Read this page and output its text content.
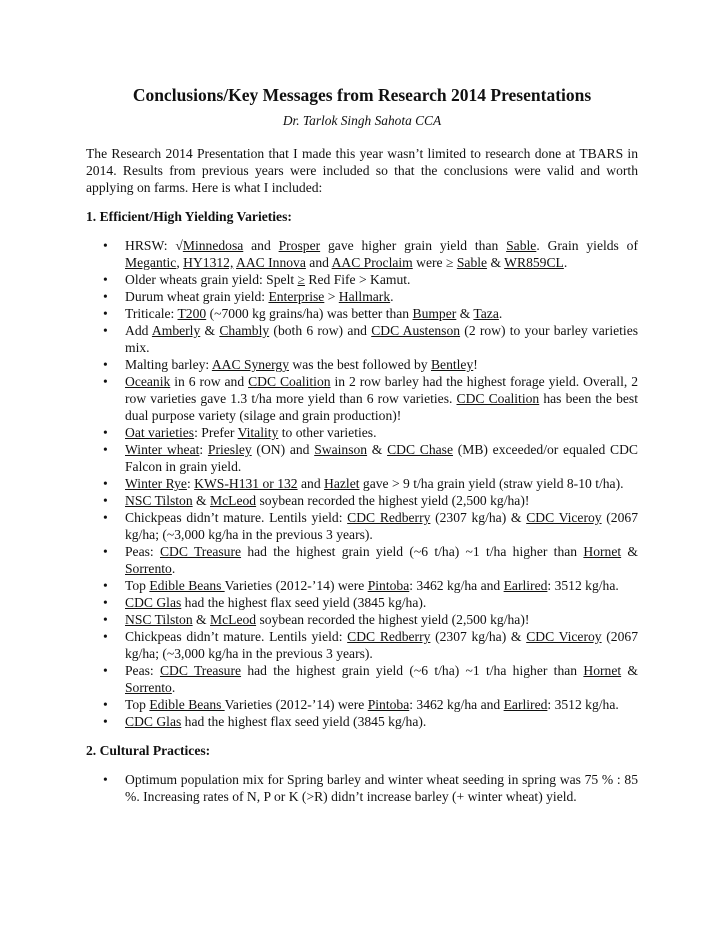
Conclusions/Key Messages from Research 2014 Presentations
Dr. Tarlok Singh Sahota CCA

The Research 2014 Presentation that I made this year wasn’t limited to research done at TBARS in 2014. Results from previous years were included so that the conclusions were valid and worth applying on farms. Here is what I included:

1. Efficient/High Yielding Varieties:
• HRSW: √Minnedosa and Prosper gave higher grain yield than Sable. Grain yields of Megantic, HY1312, AAC Innova and AAC Proclaim were ≥ Sable & WR859CL.
• Older wheats grain yield: Spelt ≥ Red Fife > Kamut.
• Durum wheat grain yield: Enterprise > Hallmark.
• Triticale: T200 (~7000 kg grains/ha) was better than Bumper & Taza.
• Add Amberly & Chambly (both 6 row) and CDC Austenson (2 row) to your barley varieties mix.
• Malting barley: AAC Synergy was the best followed by Bentley!
• Oceanik in 6 row and CDC Coalition in 2 row barley had the highest forage yield. Overall, 2 row varieties gave 1.3 t/ha more yield than 6 row varieties. CDC Coalition has been the best dual purpose variety (silage and grain production)!
• Oat varieties: Prefer Vitality to other varieties.
• Winter wheat: Priesley (ON) and Swainson & CDC Chase (MB) exceeded/or equaled CDC Falcon in grain yield.
• Winter Rye: KWS-H131 or 132 and Hazlet gave > 9 t/ha grain yield (straw yield 8-10 t/ha).
• NSC Tilston & McLeod soybean recorded the highest yield (2,500 kg/ha)!
• Chickpeas didn’t mature. Lentils yield: CDC Redberry (2307 kg/ha) & CDC Viceroy (2067 kg/ha; (~3,000 kg/ha in the previous 3 years).
• Peas: CDC Treasure had the highest grain yield (~6 t/ha) ~1 t/ha higher than Hornet & Sorrento.
• Top Edible Beans Varieties (2012-’14) were Pintoba: 3462 kg/ha and Earlired: 3512 kg/ha.
• CDC Glas had the highest flax seed yield (3845 kg/ha).
• NSC Tilston & McLeod soybean recorded the highest yield (2,500 kg/ha)!
• Chickpeas didn’t mature. Lentils yield: CDC Redberry (2307 kg/ha) & CDC Viceroy (2067 kg/ha; (~3,000 kg/ha in the previous 3 years).
• Peas: CDC Treasure had the highest grain yield (~6 t/ha) ~1 t/ha higher than Hornet & Sorrento.
• Top Edible Beans Varieties (2012-’14) were Pintoba: 3462 kg/ha and Earlired: 3512 kg/ha.
• CDC Glas had the highest flax seed yield (3845 kg/ha).
2. Cultural Practices:
• Optimum population mix for Spring barley and winter wheat seeding in spring was 75 % : 85 %. Increasing rates of N, P or K (>R) didn’t increase barley (+ winter wheat) yield.
